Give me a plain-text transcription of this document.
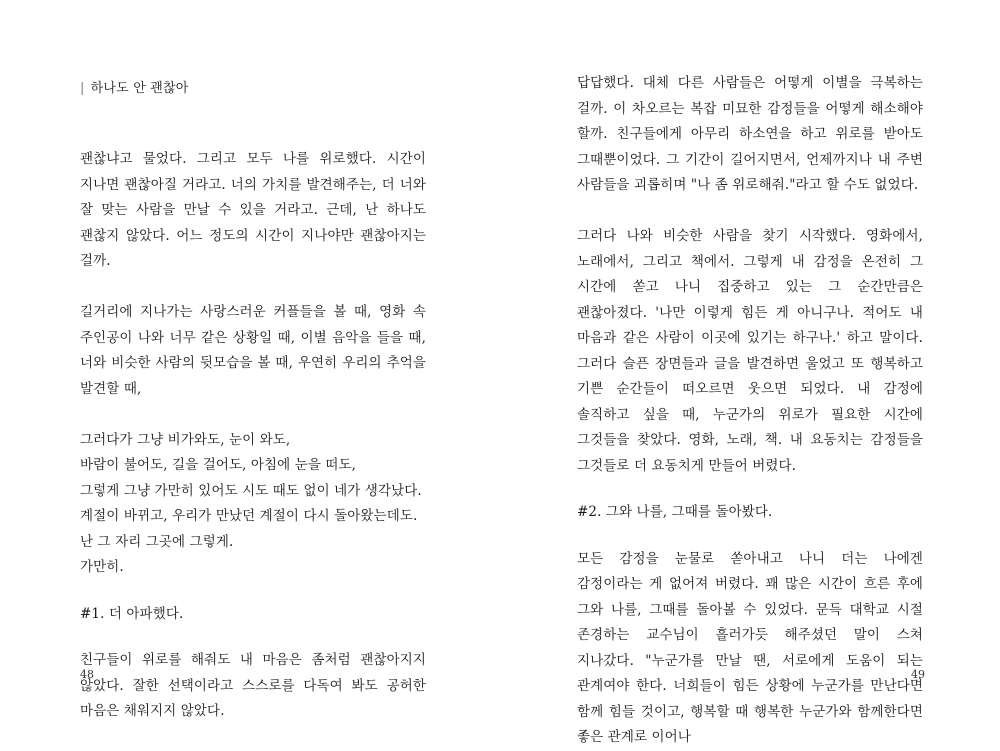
| 하나도 안 괜찮아

괜찮냐고 물었다. 그리고 모두 나를 위로했다. 시간이 지나면 괜찮아질 거라고. 너의 가치를 발견해주는, 더 너와 잘 맞는 사람을 만날 수 있을 거라고. 근데, 난 하나도 괜찮지 않았다. 어느 정도의 시간이 지나야만 괜찮아지는 걸까.

길거리에 지나가는 사랑스러운 커플들을 볼 때, 영화 속 주인공이 나와 너무 같은 상황일 때, 이별 음악을 들을 때, 너와 비슷한 사람의 뒷모습을 볼 때, 우연히 우리의 추억을 발견할 때,

그러다가 그냥 비가와도, 눈이 와도,

바람이 불어도, 길을 걸어도, 아침에 눈을 떠도,

그렇게 그냥 가만히 있어도 시도 때도 없이 네가 생각났다.

계절이 바뀌고, 우리가 만났던 계절이 다시 돌아왔는데도.

난 그 자리 그곳에 그렇게.

가만히.

#1. 더 아파했다.

친구들이 위로를 해줘도 내 마음은 좀처럼 괜찮아지지 않았다. 잘한 선택이라고 스스로를 다독여 봐도 공허한 마음은 채워지지 않았다.

48

답답했다. 대체 다른 사람들은 어떻게 이별을 극복하는 걸까. 이 차오르는 복잡 미묘한 감정들을 어떻게 해소해야 할까. 친구들에게 아무리 하소연을 하고 위로를 받아도 그때뿐이었다. 그 기간이 길어지면서, 언제까지나 내 주변 사람들을 괴롭히며 "나 좀 위로해줘."라고 할 수도 없었다.

그러다 나와 비슷한 사람을 찾기 시작했다. 영화에서, 노래에서, 그리고 책에서. 그렇게 내 감정을 온전히 그 시간에 쏟고 나니 집중하고 있는 그 순간만큼은 괜찮아졌다. '나만 이렇게 힘든 게 아니구나. 적어도 내 마음과 같은 사람이 이곳에 있기는 하구나.' 하고 말이다. 그러다 슬픈 장면들과 글을 발견하면 울었고 또 행복하고 기쁜 순간들이 떠오르면 웃으면 되었다. 내 감정에 솔직하고 싶을 때, 누군가의 위로가 필요한 시간에 그것들을 찾았다. 영화, 노래, 책. 내 요동치는 감정들을 그것들로 더 요동치게 만들어 버렸다.

#2. 그와 나를, 그때를 돌아봤다.

모든 감정을 눈물로 쏟아내고 나니 더는 나에겐 감정이라는 게 없어져 버렸다. 꽤 많은 시간이 흐른 후에 그와 나를, 그때를 돌아볼 수 있었다. 문득 대학교 시절 존경하는 교수님이 흘러가듯 해주셨던 말이 스쳐 지나갔다. "누군가를 만날 땐, 서로에게 도움이 되는 관계여야 한다. 너희들이 힘든 상황에 누군가를 만난다면 함께 힘들 것이고, 행복할 때 행복한 누군가와 함께한다면 좋은 관계로 이어나

49
